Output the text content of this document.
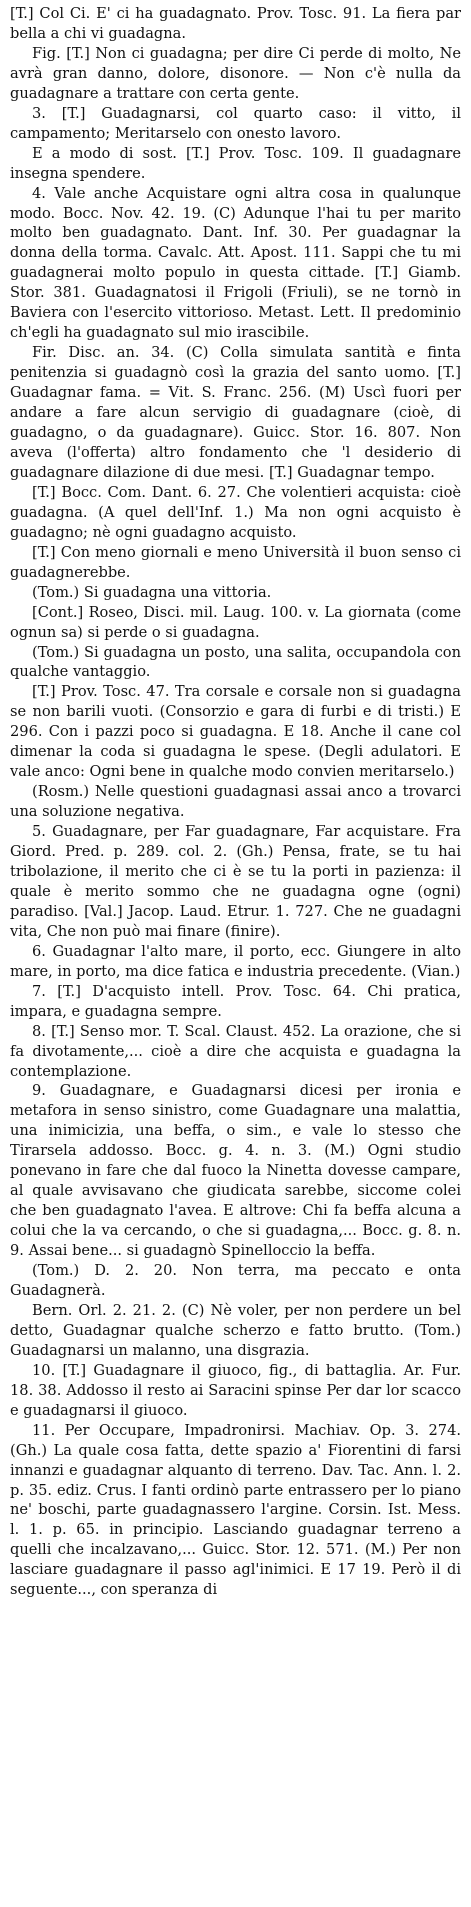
[T.] Col Ci. E' ci ha guadagnato. Prov. Tosc. 91. La fiera par bella a chi vi guadagna.

Fig. [T.] Non ci guadagna; per dire Ci perde di molto, Ne avrà gran danno, dolore, disonore. — Non c'è nulla da guadagnare a trattare con certa gente.

3. [T.] Guadagnarsi, col quarto caso: il vitto, il campamento; Meritarselo con onesto lavoro.

E a modo di sost. [T.] Prov. Tosc. 109. Il guadagnare insegna spendere.

4. Vale anche Acquistare ogni altra cosa in qualunque modo. Bocc. Nov. 42. 19. (C) Adunque l'hai tu per marito molto ben guadagnato. Dant. Inf. 30. Per guadagnar la donna della torma. Cavalc. Att. Apost. 111. Sappi che tu mi guadagnerai molto populo in questa cittade. [T.] Giamb. Stor. 381. Guadagnatosi il Frigoli (Friuli), se ne tornò in Baviera con l'esercito vittorioso. Metast. Lett. Il predominio ch'egli ha guadagnato sul mio irascibile.

Fir. Disc. an. 34. (C) Colla simulata santità e finta penitenzia si guadagnò così la grazia del santo uomo. [T.] Guadagnar fama. = Vit. S. Franc. 256. (M) Uscì fuori per andare a fare alcun servigio di guadagnare (cioè, di guadagno, o da guadagnare). Guicc. Stor. 16. 807. Non aveva (l'offerta) altro fondamento che 'l desiderio di guadagnare dilazione di due mesi. [T.] Guadagnar tempo.

[T.] Bocc. Com. Dant. 6. 27. Che volentieri acquista: cioè guadagna. (A quel dell'Inf. 1.) Ma non ogni acquisto è guadagno; nè ogni guadagno acquisto.

[T.] Con meno giornali e meno Università il buon senso ci guadagnerebbe.

(Tom.) Si guadagna una vittoria.

[Cont.] Roseo, Disci. mil. Laug. 100. v. La giornata (come ognun sa) si perde o si guadagna.

(Tom.) Si guadagna un posto, una salita, occupandola con qualche vantaggio.

[T.] Prov. Tosc. 47. Tra corsale e corsale non si guadagna se non barili vuoti. (Consorzio e gara di furbi e di tristi.) E 296. Con i pazzi poco si guadagna. E 18. Anche il cane col dimenar la coda si guadagna le spese. (Degli adulatori. E vale anco: Ogni bene in qualche modo convien meritarselo.)

(Rosm.) Nelle questioni guadagnasi assai anco a trovarci una soluzione negativa.

5. Guadagnare, per Far guadagnare, Far acquistare. Fra Giord. Pred. p. 289. col. 2. (Gh.) Pensa, frate, se tu hai tribolazione, il merito che ci è se tu la porti in pazienza: il quale è merito sommo che ne guadagna ogne (ogni) paradiso. [Val.] Jacop. Laud. Etrur. 1. 727. Che ne guadagni vita, Che non può mai finare (finire).

6. Guadagnar l'alto mare, il porto, ecc. Giungere in alto mare, in porto, ma dice fatica e industria precedente. (Vian.)

7. [T.] D'acquisto intell. Prov. Tosc. 64. Chi pratica, impara, e guadagna sempre.

8. [T.] Senso mor. T. Scal. Claust. 452. La orazione, che si fa divotamente,... cioè a dire che acquista e guadagna la contemplazione.

9. Guadagnare, e Guadagnarsi dicesi per ironia e metafora in senso sinistro, come Guadagnare una malattia, una inimicizia, una beffa, o sim., e vale lo stesso che Tirarsela addosso. Bocc. g. 4. n. 3. (M.) Ogni studio ponevano in fare che dal fuoco la Ninetta dovesse campare, al quale avvisavano che giudicata sarebbe, siccome colei che ben guadagnato l'avea. E altrove: Chi fa beffa alcuna a colui che la va cercando, o che si guadagna,... Bocc. g. 8. n. 9. Assai bene... si guadagnò Spinelloccio la beffa.

(Tom.) D. 2. 20. Non terra, ma peccato e onta Guadagnerà.

Bern. Orl. 2. 21. 2. (C) Nè voler, per non perdere un bel detto, Guadagnar qualche scherzo e fatto brutto. (Tom.) Guadagnarsi un malanno, una disgrazia.

10. [T.] Guadagnare il giuoco, fig., di battaglia. Ar. Fur. 18. 38. Addosso il resto ai Saracini spinse Per dar lor scacco e guadagnarsi il giuoco.

11. Per Occupare, Impadronirsi. Machiav. Op. 3. 274. (Gh.) La quale cosa fatta, dette spazio a' Fiorentini di farsi innanzi e guadagnar alquanto di terreno. Dav. Tac. Ann. l. 2. p. 35. ediz. Crus. I fanti ordinò parte entrassero per lo piano ne' boschi, parte guadagnassero l'argine. Corsin. Ist. Mess. l. 1. p. 65. in principio. Lasciando guadagnar terreno a quelli che incalzavano,... Guicc. Stor. 12. 571. (M.) Per non lasciare guadagnare il passo agl'inimici. E 17 19. Però il di seguente..., con speranza di
